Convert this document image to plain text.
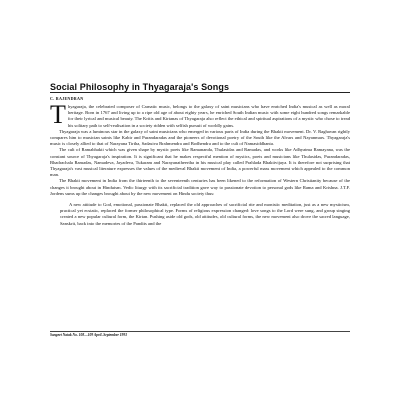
Social Philosophy in Thyagaraja's Songs
C. RAJENDRAN

Thyagaraja, the celebrated composer of Carnatic music, belongs to the galaxy of saint musicians who have enriched India's musical as well as moral heritage. Born in 1767 and living up to a ripe old age of about eighty years, he enriched South Indian music with some eight hundred songs remarkable for their lyrical and musical beauty. The Kritis and Kirtanas of Thyagaraja also reflect the ethical and spiritual aspirations of a mystic who chose to tread his solitary path to self-realisation in a society ridden with selfish pursuit of worldly gains.

Thyagaraja was a luminous star in the galaxy of saint musicians who emerged in various parts of India during the Bhakti movement. Dr. V. Raghavan rightly compares him to musician saints like Kabir and Purandaradas and the pioneers of devotional poetry of the South like the Alvars and Nayanmars. Thyagaraja's music is closely allied to that of Narayana Tirtha, Sadasiva Brahmendra and Bodhendra and to the cult of Namasiddhanta.

The cult of Ramabhakti which was given shape by mystic poets like Ramananda, Thulasidas and Ramadas, and works like Adhyatma Ramayana, was the constant source of Thyagaraja's inspiration. It is significant that he makes respectful mention of mystics, poets and musicians like Thulasidas, Purandaradas, Bhadrachala Ramadas, Namadeva, Jayadeva, Tukaram and Narayanatheertha in his musical play called Prahlada Bhaktivijaya. It is therefore not surprising that Thyagaraja's vast musical literature expresses the values of the medieval Bhakti movement of India, a powerful mass movement which appealed to the common man.

The Bhakti movement in India from the thirteenth to the seventeenth centuries has been likened to the reformation of Western Christianity because of the changes it brought about in Hinduism. Vedic liturgy with its sacrificial tradition gave way to passionate devotion to personal gods like Rama and Krishna. J.T.F. Jordens sums up the changes brought about by the new movement on Hindu society thus:

A new attitude to God, emotional, passionate Bhakti, replaced the old approaches of sacrificial rite and monistic meditation, just as a new mysticism, practical yet ecstatic, replaced the former philosophical type. Forms of religious expression changed: love songs to the Lord were sung, and group singing created a new popular cultural form, the Kirtan. Pushing aside old gods, old attitudes, old cultural forms, the new movement also drove the sacred language, Sanskrit, back into the memories of the Pandits and the

Sangeet Natak No. 108—109 April–September 1993
